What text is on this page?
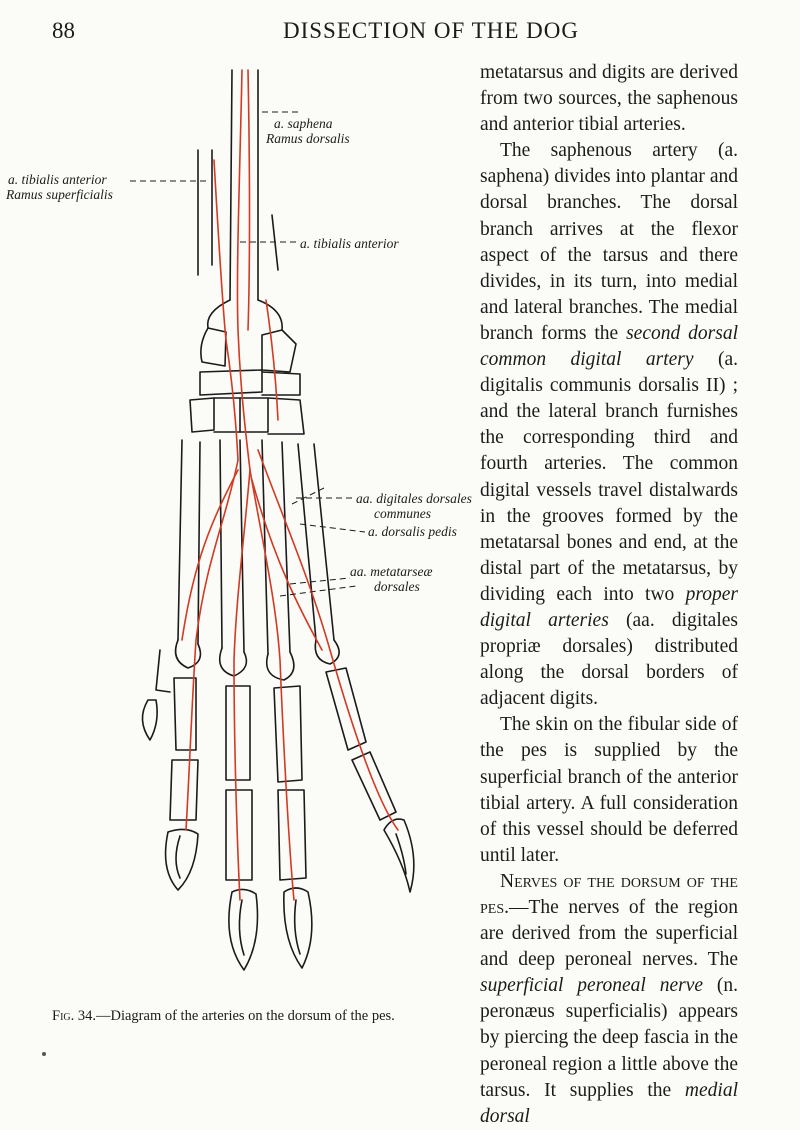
88	DISSECTION OF THE DOG
a. saphena
Ramus dorsalis
a. tibialis anterior
Ramus superficialis
a. tibialis anterior
aa. digitales dorsales
communes
a. dorsalis pedis
aa. metatarseæ
dorsales
Fig. 34.—Diagram of the arteries on the dorsum of the pes.

metatarsus and digits are derived from two sources, the saphenous and anterior tibial arteries.

The saphenous artery (a. saphena) divides into plantar and dorsal branches. The dorsal branch arrives at the flexor aspect of the tarsus and there divides, in its turn, into medial and lateral branches. The medial branch forms the second dorsal common digital artery (a. digitalis communis dorsalis II) ; and the lateral branch furnishes the corresponding third and fourth arteries. The common digital vessels travel distalwards in the grooves formed by the metatarsal bones and end, at the distal part of the metatarsus, by dividing each into two proper digital arteries (aa. digitales propriæ dorsales) distributed along the dorsal borders of adjacent digits.

The skin on the fibular side of the pes is supplied by the superficial branch of the anterior tibial artery. A full consideration of this vessel should be deferred until later.

Nerves of the dorsum of the pes.—The nerves of the region are derived from the superficial and deep peroneal nerves. The superficial peroneal nerve (n. peronæus superficialis) appears by piercing the deep fascia in the peroneal region a little above the tarsus. It supplies the medial dorsal
